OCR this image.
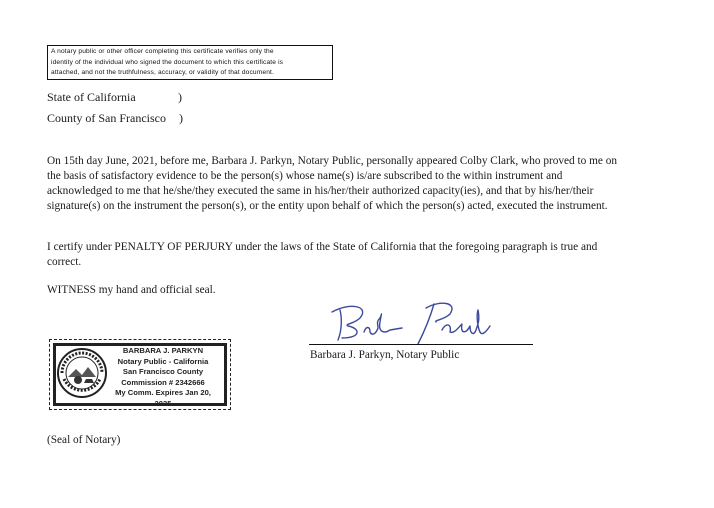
A notary public or other officer completing this certificate verifies only the
identity of the individual who signed the document to which this certificate is
attached, and not the truthfulness, accuracy, or validity of that document.
State of California	)
County of San Francisco )
On 15th day June, 2021, before me, Barbara J. Parkyn, Notary Public, personally appeared Colby Clark, who proved to me on the basis of satisfactory evidence to be the person(s) whose name(s) is/are subscribed to the within instrument and acknowledged to me that he/she/they executed the same in his/her/their authorized capacity(ies), and that by his/her/their signature(s) on the instrument the person(s), or the entity upon behalf of which the person(s) acted, executed the instrument.
I certify under PENALTY OF PERJURY under the laws of the State of California that the foregoing paragraph is true and correct.
WITNESS my hand and official seal.
Barbara J. Parkyn, Notary Public
BARBARA J. PARKYN
Notary Public - California
San Francisco County
Commission # 2342666
My Comm. Expires Jan 20, 2025
(Seal of Notary)
